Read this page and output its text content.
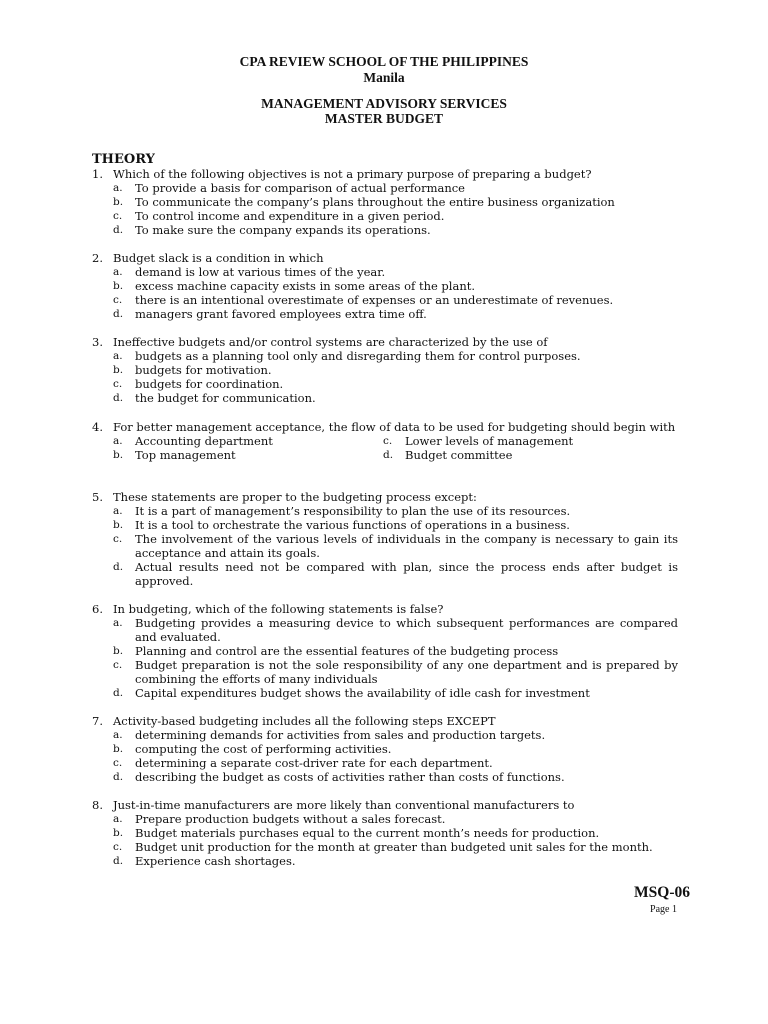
CPA REVIEW SCHOOL OF THE PHILIPPINES
Manila
MANAGEMENT ADVISORY SERVICES
MASTER BUDGET
THEORY
1. Which of the following objectives is not a primary purpose of preparing a budget?
a. To provide a basis for comparison of actual performance
b. To communicate the company’s plans throughout the entire business organization
c. To control income and expenditure in a given period.
d. To make sure the company expands its operations.
2. Budget slack is a condition in which
a. demand is low at various times of the year.
b. excess machine capacity exists in some areas of the plant.
c. there is an intentional overestimate of expenses or an underestimate of revenues.
d. managers grant favored employees extra time off.
3. Ineffective budgets and/or control systems are characterized by the use of
a. budgets as a planning tool only and disregarding them for control purposes.
b. budgets for motivation.
c. budgets for coordination.
d. the budget for communication.
4. For better management acceptance, the flow of data to be used for budgeting should begin with
a. Accounting department	c. Lower levels of management
b. Top management	d. Budget committee
5. These statements are proper to the budgeting process except:
a. It is a part of management’s responsibility to plan the use of its resources.
b. It is a tool to orchestrate the various functions of operations in a business.
c. The involvement of the various levels of individuals in the company is necessary to gain its acceptance and attain its goals.
d. Actual results need not be compared with plan, since the process ends after budget is approved.
6. In budgeting, which of the following statements is false?
a. Budgeting provides a measuring device to which subsequent performances are compared and evaluated.
b. Planning and control are the essential features of the budgeting process
c. Budget preparation is not the sole responsibility of any one department and is prepared by combining the efforts of many individuals
d. Capital expenditures budget shows the availability of idle cash for investment
7. Activity-based budgeting includes all the following steps EXCEPT
a. determining demands for activities from sales and production targets.
b. computing the cost of performing activities.
c. determining a separate cost-driver rate for each department.
d. describing the budget as costs of activities rather than costs of functions.
8. Just-in-time manufacturers are more likely than conventional manufacturers to
a. Prepare production budgets without a sales forecast.
b. Budget materials purchases equal to the current month’s needs for production.
c. Budget unit production for the month at greater than budgeted unit sales for the month.
d. Experience cash shortages.
MSQ-06
Page 1
